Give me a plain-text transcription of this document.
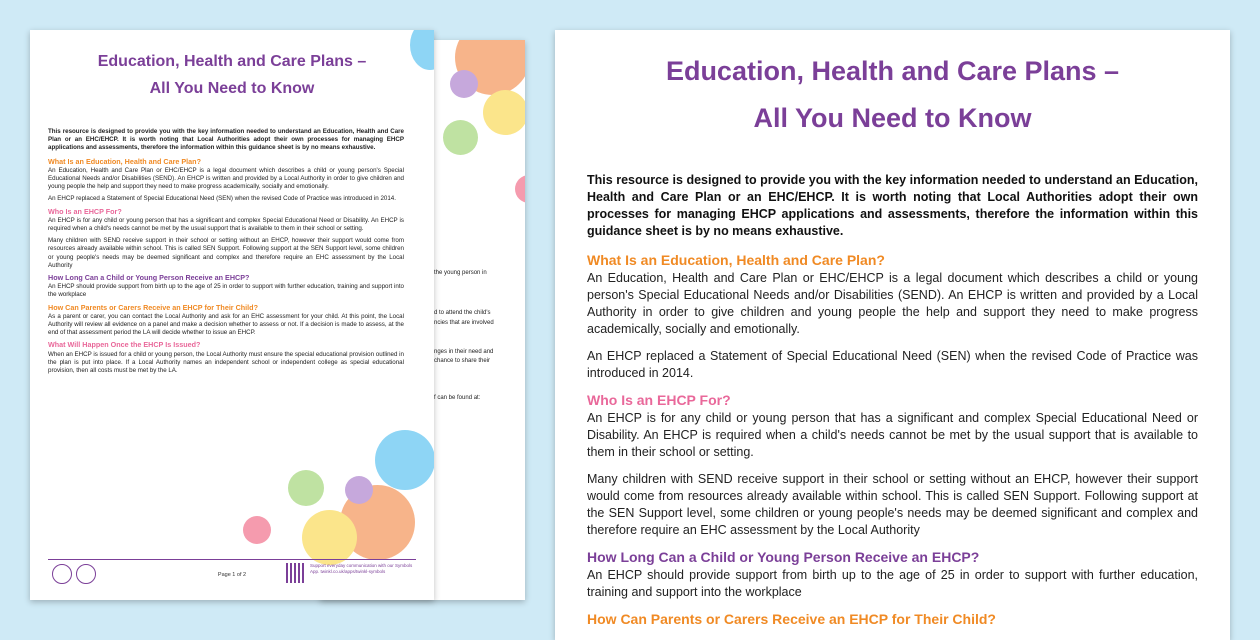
the young person in
d to attend the child's
ncies that are involved
nges in their need and
chance to share their
f can be found at:
Education, Health and Care Plans –
All You Need to Know

This resource is designed to provide you with the key information needed to understand an Education, Health and Care Plan or an EHC/EHCP. It is worth noting that Local Authorities adopt their own processes for managing EHCP applications and assessments, therefore the information within this guidance sheet is by no means exhaustive.

What Is an Education, Health and Care Plan?

An Education, Health and Care Plan or EHC/EHCP is a legal document which describes a child or young person's Special Educational Needs and/or Disabilities (SEND). An EHCP is written and provided by a Local Authority in order to give children and young people the help and support they need to make progress academically, socially and emotionally.

An EHCP replaced a Statement of Special Educational Need (SEN) when the revised Code of Practice was introduced in 2014.

Who Is an EHCP For?

An EHCP is for any child or young person that has a significant and complex Special Educational Need or Disability. An EHCP is required when a child's needs cannot be met by the usual support that is available to them in their school or setting.

Many children with SEND receive support in their school or setting without an EHCP, however their support would come from resources already available within school. This is called SEN Support. Following support at the SEN Support level, some children or young people's needs may be deemed significant and complex and therefore require an EHC assessment by the Local Authority

How Long Can a Child or Young Person Receive an EHCP?

An EHCP should provide support from birth up to the age of 25 in order to support with further education, training and support into the workplace

How Can Parents or Carers Receive an EHCP for Their Child?

As a parent or carer, you can contact the Local Authority and ask for an EHC assessment for your child. At this point, the Local Authority will review all evidence on a panel and make a decision whether to assess or not. If a decision is made to assess, at the end of that assessment period the LA will decide whether to issue an EHCP.

What Will Happen Once the EHCP Is Issued?

When an EHCP is issued for a child or young person, the Local Authority must ensure the special educational provision outlined in the plan is put into place. If a Local Authority names an independent school or independent college as special educational provision, then all costs must be met by the LA.

Page 1 of 2
Support everyday communication with our Symbols App. twinkl.co.uk/apps/twinkl-symbols
Education, Health and Care Plans –
All You Need to Know

This resource is designed to provide you with the key information needed to understand an Education, Health and Care Plan or an EHC/EHCP. It is worth noting that Local Authorities adopt their own processes for managing EHCP applications and assessments, therefore the information within this guidance sheet is by no means exhaustive.

What Is an Education, Health and Care Plan?

An Education, Health and Care Plan or EHC/EHCP is a legal document which describes a child or young person's Special Educational Needs and/or Disabilities (SEND). An EHCP is written and provided by a Local Authority in order to give children and young people the help and support they need to make progress academically, socially and emotionally.

An EHCP replaced a Statement of Special Educational Need (SEN) when the revised Code of Practice was introduced in 2014.

Who Is an EHCP For?

An EHCP is for any child or young person that has a significant and complex Special Educational Need or Disability. An EHCP is required when a child's needs cannot be met by the usual support that is available to them in their school or setting.

Many children with SEND receive support in their school or setting without an EHCP, however their support would come from resources already available within school. This is called SEN Support. Following support at the SEN Support level, some children or young people's needs may be deemed significant and complex and therefore require an EHC assessment by the Local Authority

How Long Can a Child or Young Person Receive an EHCP?

An EHCP should provide support from birth up to the age of 25 in order to support with further education, training and support into the workplace

How Can Parents or Carers Receive an EHCP for Their Child?
